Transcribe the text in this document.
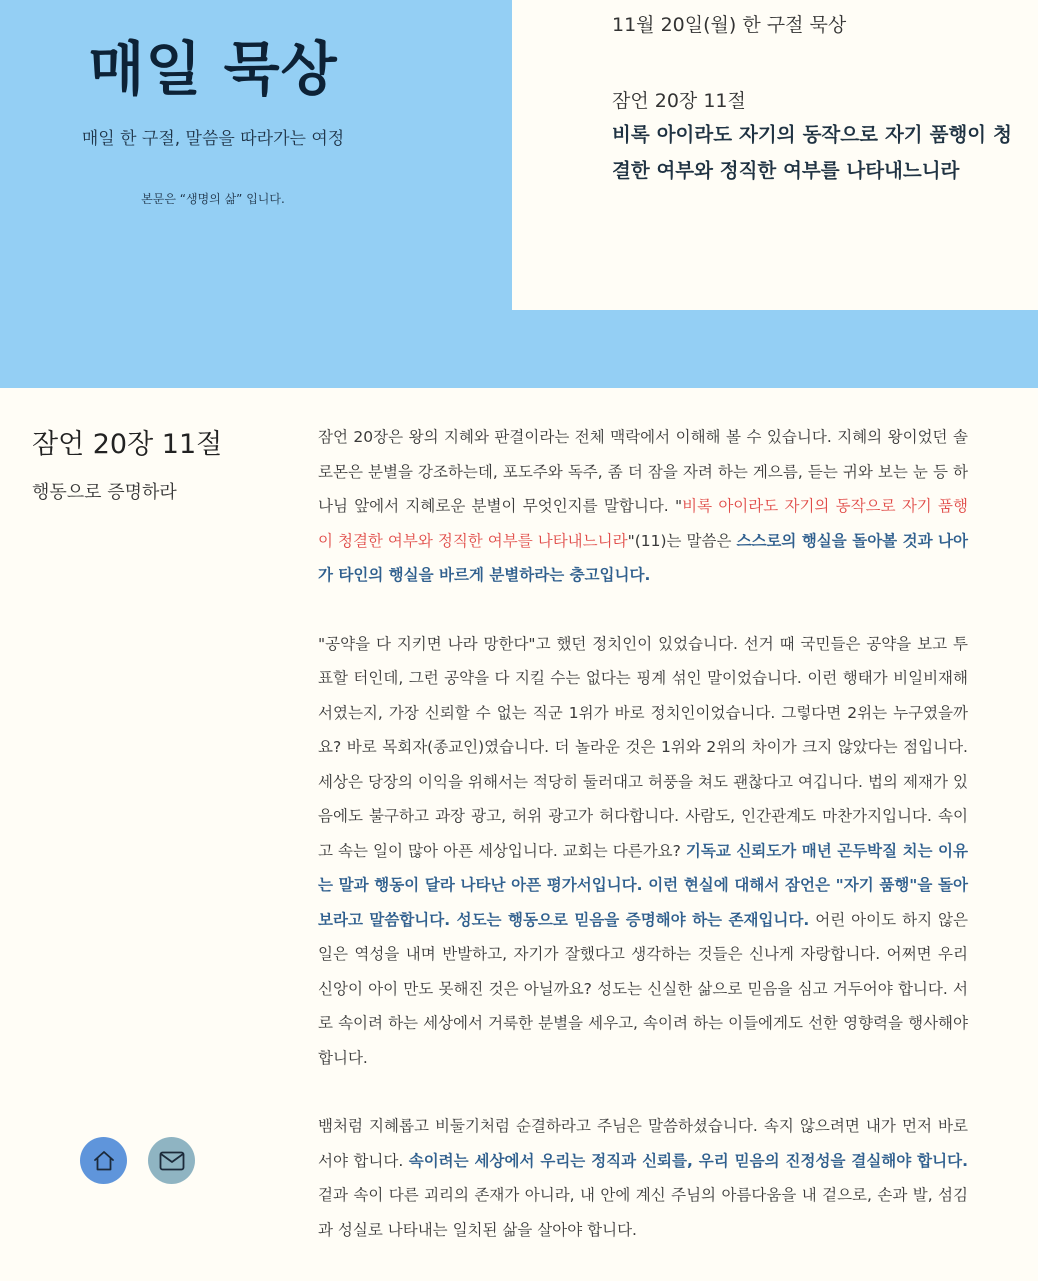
매일 묵상
매일 한 구절, 말씀을 따라가는 여정
본문은 “생명의 삶” 입니다.
11월 20일(월) 한 구절 묵상
잠언 20장 11절
비록 아이라도 자기의 동작으로 자기 품행이 청결한 여부와 정직한 여부를 나타내느니라
잠언 20장 11절
행동으로 증명하라

잠언 20장은 왕의 지혜와 판결이라는 전체 맥락에서 이해해 볼 수 있습니다. 지혜의 왕이었던 솔로몬은 분별을 강조하는데, 포도주와 독주, 좀 더 잠을 자려 하는 게으름, 듣는 귀와 보는 눈 등 하나님 앞에서 지혜로운 분별이 무엇인지를 말합니다. "비록 아이라도 자기의 동작으로 자기 품행이 청결한 여부와 정직한 여부를 나타내느니라"(11)는 말씀은 스스로의 행실을 돌아볼 것과 나아가 타인의 행실을 바르게 분별하라는 충고입니다.

"공약을 다 지키면 나라 망한다"고 했던 정치인이 있었습니다. 선거 때 국민들은 공약을 보고 투표할 터인데, 그런 공약을 다 지킬 수는 없다는 핑계 섞인 말이었습니다. 이런 행태가 비일비재해서였는지, 가장 신뢰할 수 없는 직군 1위가 바로 정치인이었습니다. 그렇다면 2위는 누구였을까요? 바로 목회자(종교인)였습니다. 더 놀라운 것은 1위와 2위의 차이가 크지 않았다는 점입니다. 세상은 당장의 이익을 위해서는 적당히 둘러대고 허풍을 쳐도 괜찮다고 여깁니다. 법의 제재가 있음에도 불구하고 과장 광고, 허위 광고가 허다합니다. 사람도, 인간관계도 마찬가지입니다. 속이고 속는 일이 많아 아픈 세상입니다. 교회는 다른가요? 기독교 신뢰도가 매년 곤두박질 치는 이유는 말과 행동이 달라 나타난 아픈 평가서입니다. 이런 현실에 대해서 잠언은 "자기 품행"을 돌아보라고 말씀합니다. 성도는 행동으로 믿음을 증명해야 하는 존재입니다. 어린 아이도 하지 않은 일은 역성을 내며 반발하고, 자기가 잘했다고 생각하는 것들은 신나게 자랑합니다. 어쩌면 우리 신앙이 아이 만도 못해진 것은 아닐까요? 성도는 신실한 삶으로 믿음을 심고 거두어야 합니다. 서로 속이려 하는 세상에서 거룩한 분별을 세우고, 속이려 하는 이들에게도 선한 영향력을 행사해야 합니다.

뱀처럼 지혜롭고 비둘기처럼 순결하라고 주님은 말씀하셨습니다. 속지 않으려면 내가 먼저 바로 서야 합니다. 속이려는 세상에서 우리는 정직과 신뢰를, 우리 믿음의 진정성을 결실해야 합니다. 겉과 속이 다른 괴리의 존재가 아니라, 내 안에 계신 주님의 아름다움을 내 겉으로, 손과 발, 섬김과 성실로 나타내는 일치된 삶을 살아야 합니다.
